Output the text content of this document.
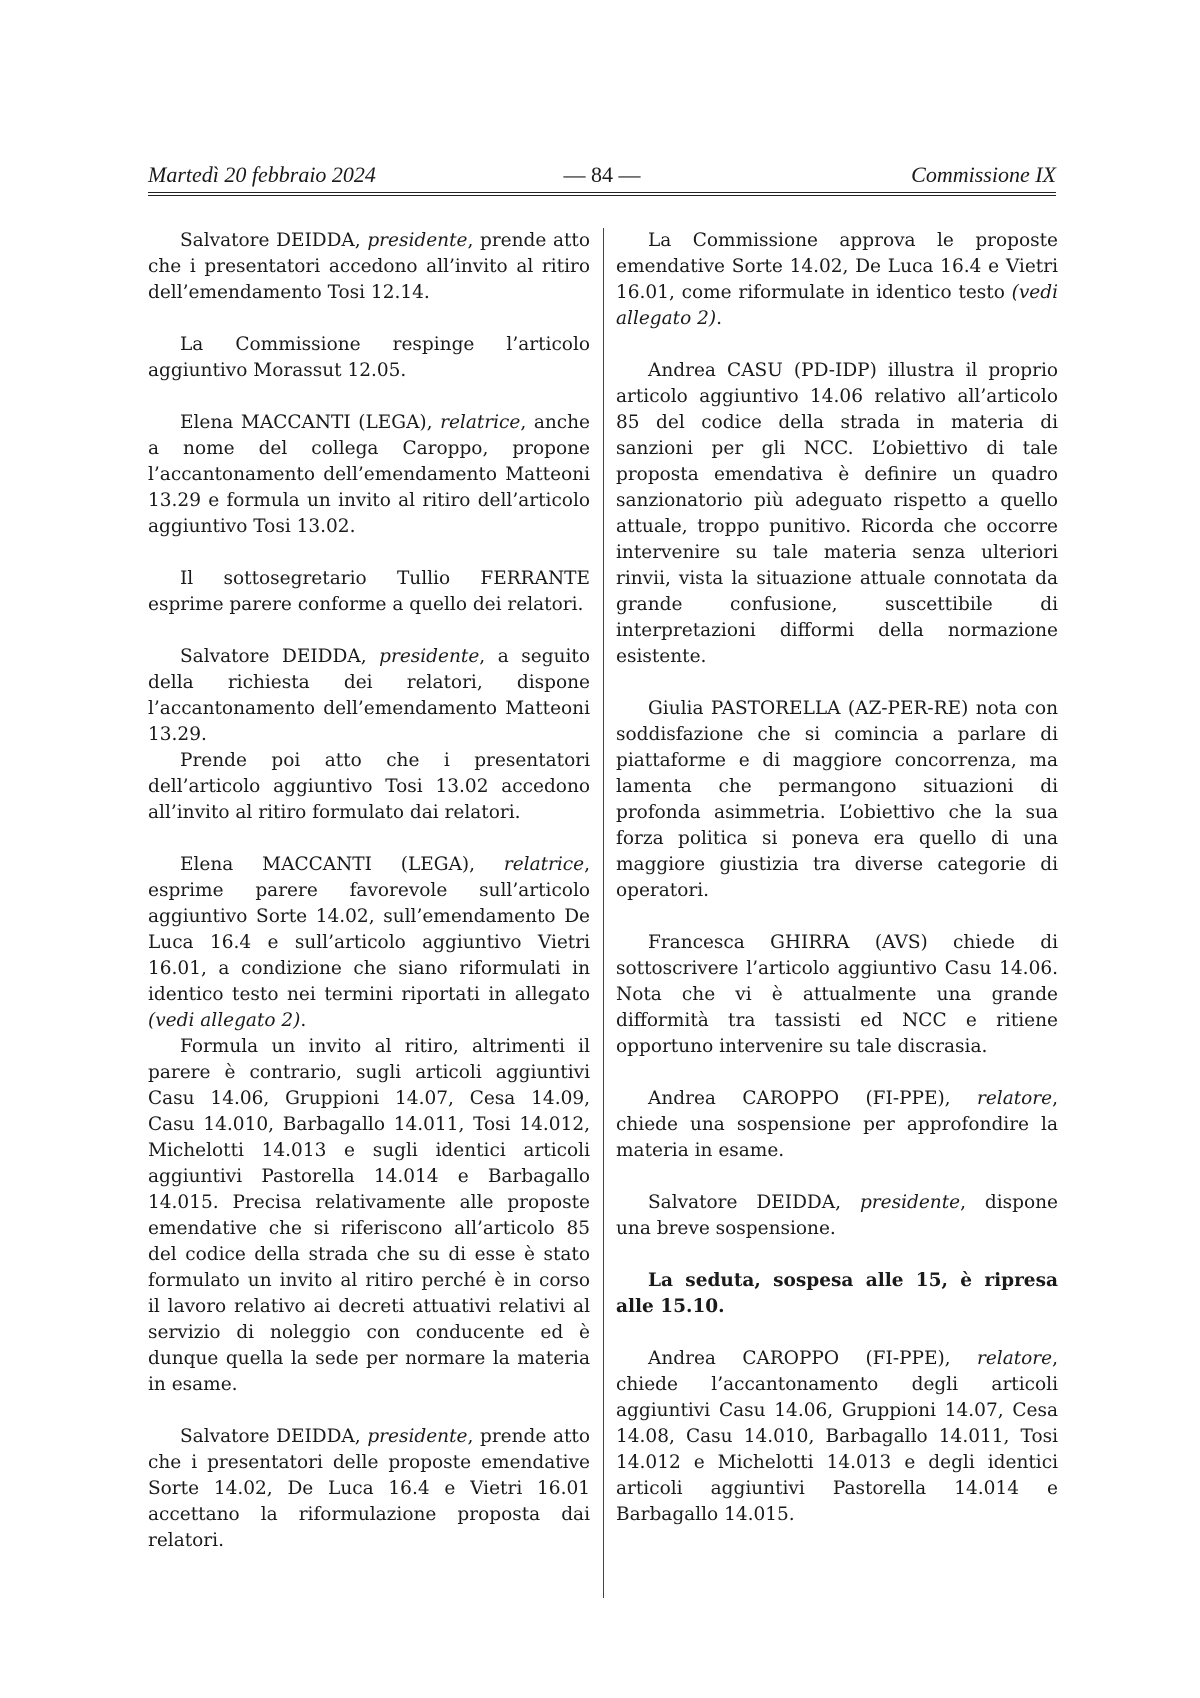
Martedì 20 febbraio 2024	— 84 —	Commissione IX

Salvatore DEIDDA, presidente, prende atto che i presentatori accedono all’invito al ritiro dell’emendamento Tosi 12.14.

La Commissione respinge l’articolo aggiuntivo Morassut 12.05.

Elena MACCANTI (LEGA), relatrice, anche a nome del collega Caroppo, propone l’accantonamento dell’emendamento Matteoni 13.29 e formula un invito al ritiro dell’articolo aggiuntivo Tosi 13.02.

Il sottosegretario Tullio FERRANTE esprime parere conforme a quello dei relatori.

Salvatore DEIDDA, presidente, a seguito della richiesta dei relatori, dispone l’accantonamento dell’emendamento Matteoni 13.29.

Prende poi atto che i presentatori dell’articolo aggiuntivo Tosi 13.02 accedono all’invito al ritiro formulato dai relatori.

Elena MACCANTI (LEGA), relatrice, esprime parere favorevole sull’articolo aggiuntivo Sorte 14.02, sull’emendamento De Luca 16.4 e sull’articolo aggiuntivo Vietri 16.01, a condizione che siano riformulati in identico testo nei termini riportati in allegato (vedi allegato 2).

Formula un invito al ritiro, altrimenti il parere è contrario, sugli articoli aggiuntivi Casu 14.06, Gruppioni 14.07, Cesa 14.09, Casu 14.010, Barbagallo 14.011, Tosi 14.012, Michelotti 14.013 e sugli identici articoli aggiuntivi Pastorella 14.014 e Barbagallo 14.015. Precisa relativamente alle proposte emendative che si riferiscono all’articolo 85 del codice della strada che su di esse è stato formulato un invito al ritiro perché è in corso il lavoro relativo ai decreti attuativi relativi al servizio di noleggio con conducente ed è dunque quella la sede per normare la materia in esame.

Salvatore DEIDDA, presidente, prende atto che i presentatori delle proposte emendative Sorte 14.02, De Luca 16.4 e Vietri 16.01 accettano la riformulazione proposta dai relatori.

La Commissione approva le proposte emendative Sorte 14.02, De Luca 16.4 e Vietri 16.01, come riformulate in identico testo (vedi allegato 2).

Andrea CASU (PD-IDP) illustra il proprio articolo aggiuntivo 14.06 relativo all’articolo 85 del codice della strada in materia di sanzioni per gli NCC. L’obiettivo di tale proposta emendativa è definire un quadro sanzionatorio più adeguato rispetto a quello attuale, troppo punitivo. Ricorda che occorre intervenire su tale materia senza ulteriori rinvii, vista la situazione attuale connotata da grande confusione, suscettibile di interpretazioni difformi della normazione esistente.

Giulia PASTORELLA (AZ-PER-RE) nota con soddisfazione che si comincia a parlare di piattaforme e di maggiore concorrenza, ma lamenta che permangono situazioni di profonda asimmetria. L’obiettivo che la sua forza politica si poneva era quello di una maggiore giustizia tra diverse categorie di operatori.

Francesca GHIRRA (AVS) chiede di sottoscrivere l’articolo aggiuntivo Casu 14.06. Nota che vi è attualmente una grande difformità tra tassisti ed NCC e ritiene opportuno intervenire su tale discrasia.

Andrea CAROPPO (FI-PPE), relatore, chiede una sospensione per approfondire la materia in esame.

Salvatore DEIDDA, presidente, dispone una breve sospensione.

La seduta, sospesa alle 15, è ripresa alle 15.10.

Andrea CAROPPO (FI-PPE), relatore, chiede l’accantonamento degli articoli aggiuntivi Casu 14.06, Gruppioni 14.07, Cesa 14.08, Casu 14.010, Barbagallo 14.011, Tosi 14.012 e Michelotti 14.013 e degli identici articoli aggiuntivi Pastorella 14.014 e Barbagallo 14.015.
